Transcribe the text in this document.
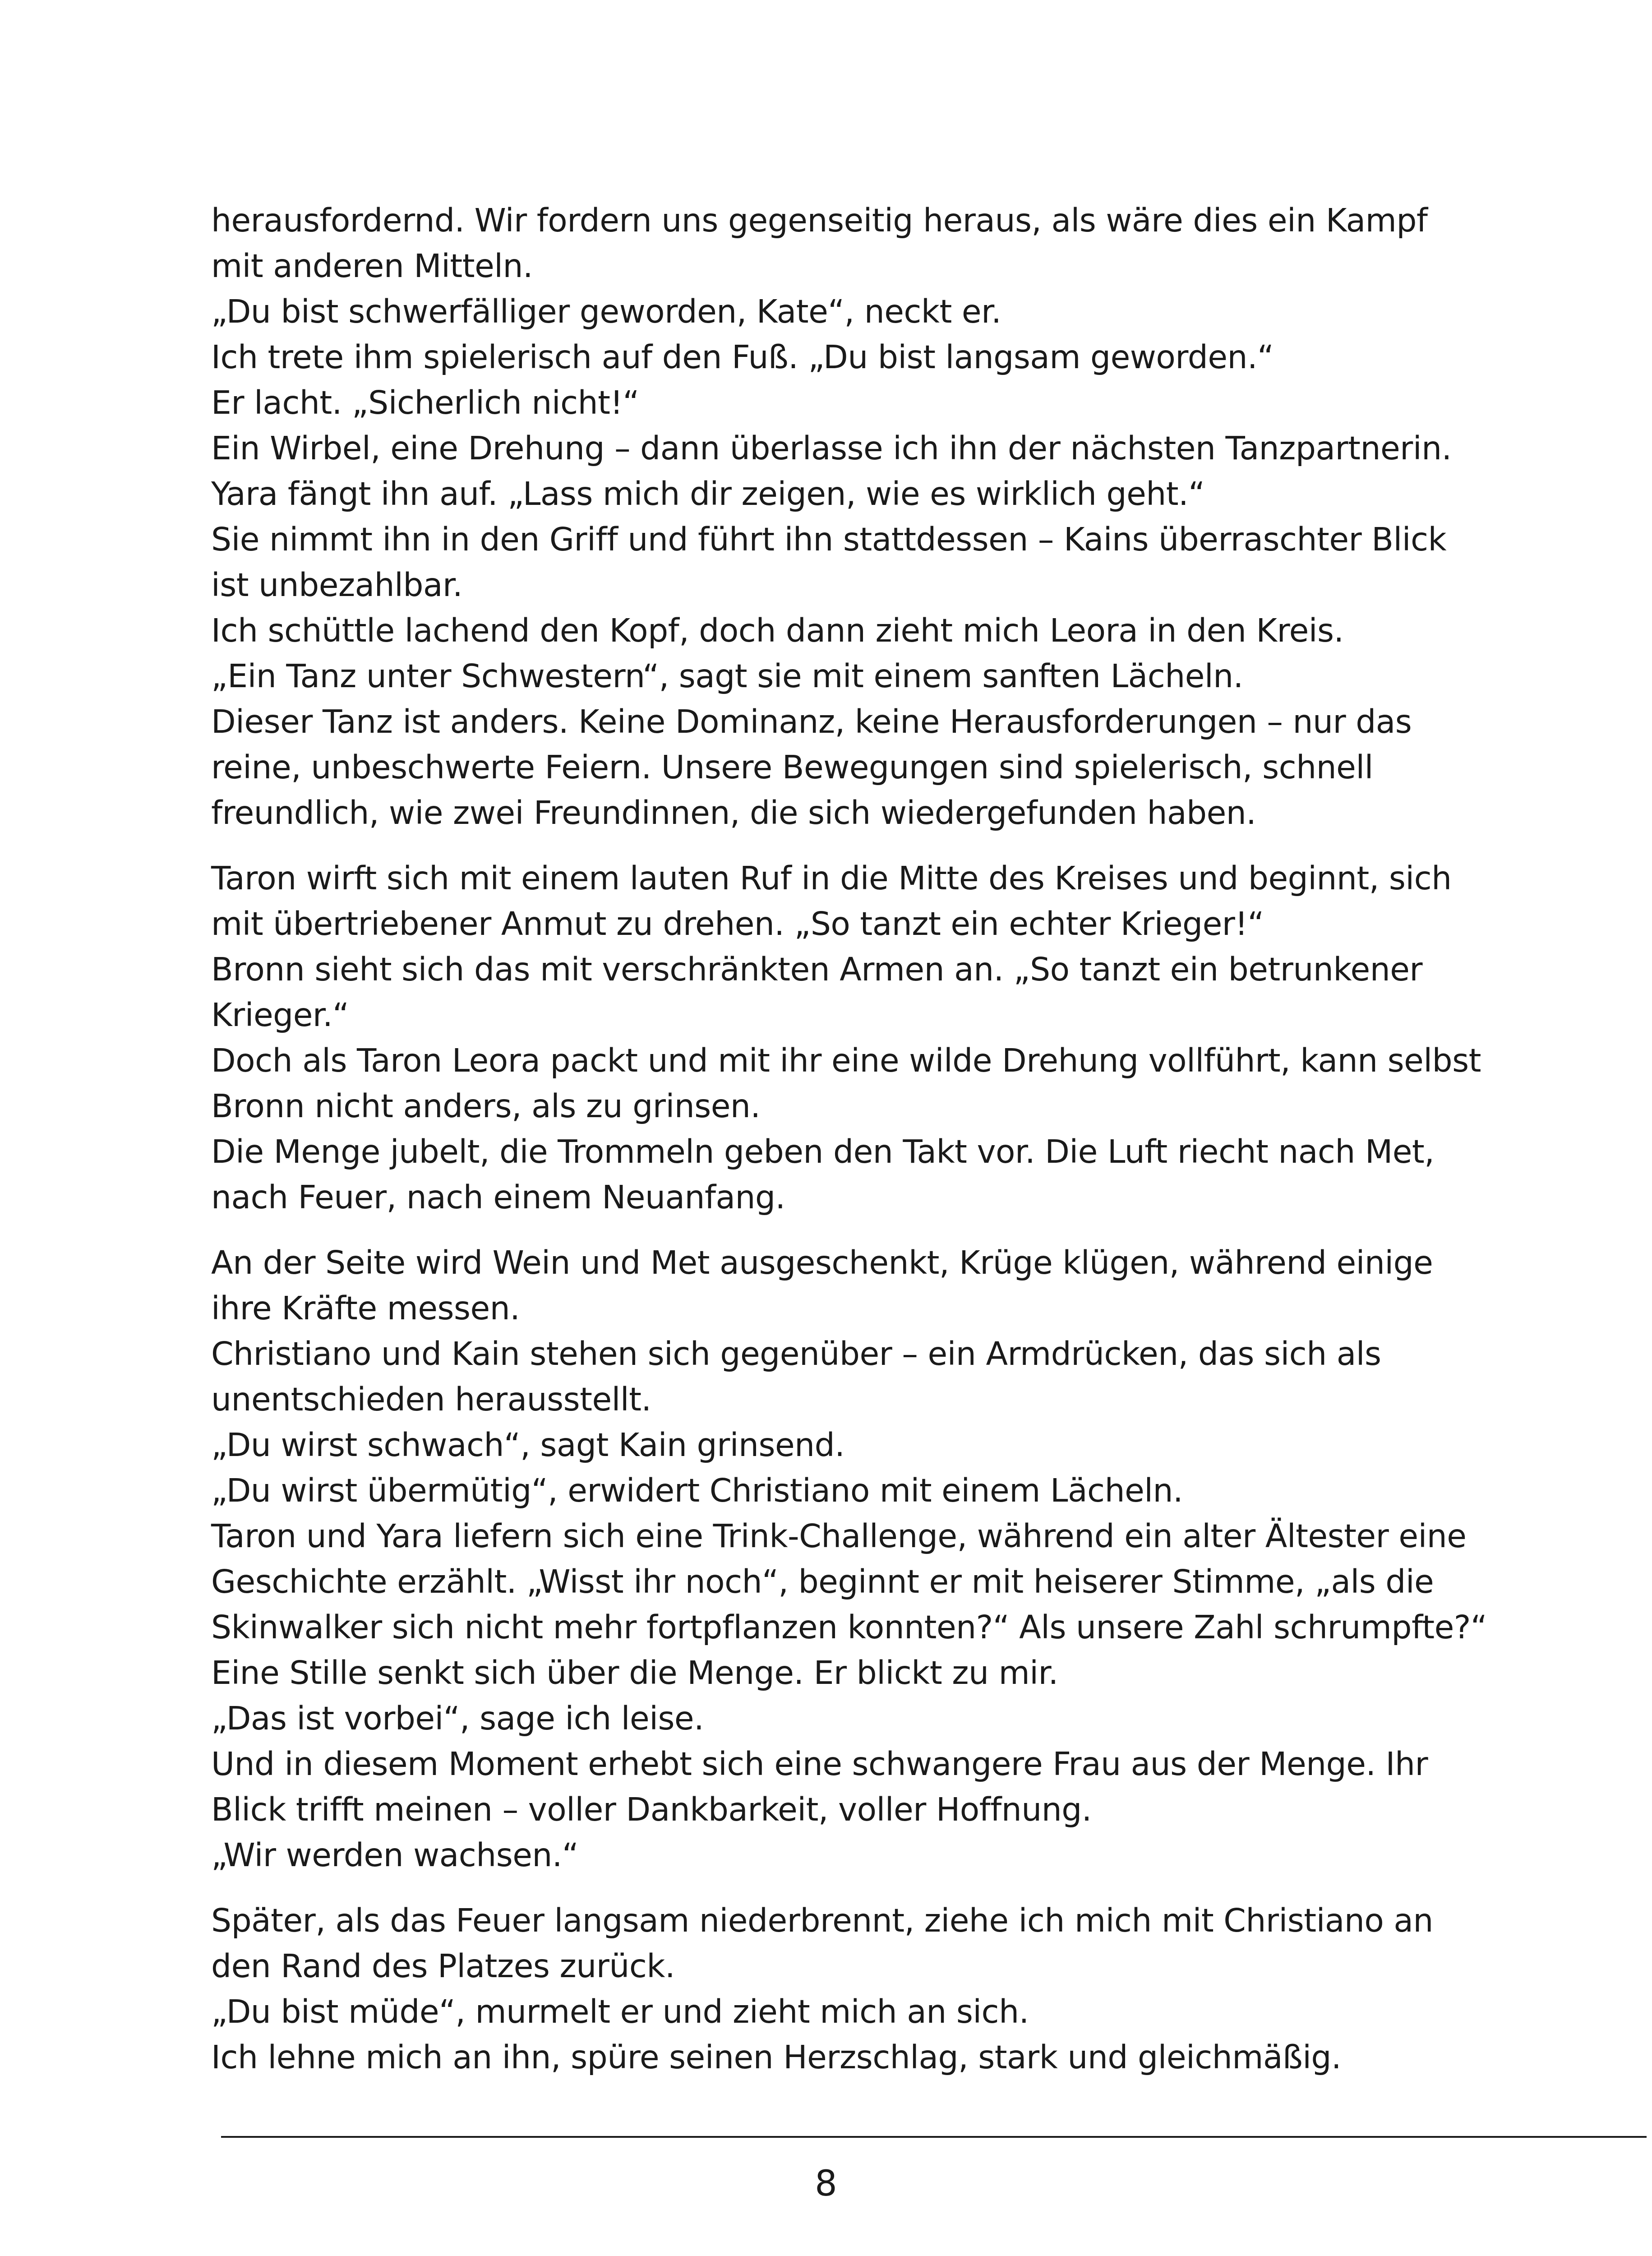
herausfordernd. Wir fordern uns gegenseitig heraus, als wäre dies ein Kampf
mit anderen Mitteln.
„Du bist schwerfälliger geworden, Kate“, neckt er.
Ich trete ihm spielerisch auf den Fuß. „Du bist langsam geworden.“
Er lacht. „Sicherlich nicht!“
Ein Wirbel, eine Drehung – dann überlasse ich ihn der nächsten Tanzpartnerin.
Yara fängt ihn auf. „Lass mich dir zeigen, wie es wirklich geht.“
Sie nimmt ihn in den Griff und führt ihn stattdessen – Kains überraschter Blick
ist unbezahlbar.
Ich schüttle lachend den Kopf, doch dann zieht mich Leora in den Kreis.
„Ein Tanz unter Schwestern“, sagt sie mit einem sanften Lächeln.
Dieser Tanz ist anders. Keine Dominanz, keine Herausforderungen – nur das
reine, unbeschwerte Feiern. Unsere Bewegungen sind spielerisch, schnell
freundlich, wie zwei Freundinnen, die sich wiedergefunden haben.
Taron wirft sich mit einem lauten Ruf in die Mitte des Kreises und beginnt, sich
mit übertriebener Anmut zu drehen. „So tanzt ein echter Krieger!“
Bronn sieht sich das mit verschränkten Armen an. „So tanzt ein betrunkener
Krieger.“
Doch als Taron Leora packt und mit ihr eine wilde Drehung vollführt, kann selbst
Bronn nicht anders, als zu grinsen.
Die Menge jubelt, die Trommeln geben den Takt vor. Die Luft riecht nach Met,
nach Feuer, nach einem Neuanfang.
An der Seite wird Wein und Met ausgeschenkt, Krüge klügen, während einige
ihre Kräfte messen.
Christiano und Kain stehen sich gegenüber – ein Armdrücken, das sich als
unentschieden herausstellt.
„Du wirst schwach“, sagt Kain grinsend.
„Du wirst übermütig“, erwidert Christiano mit einem Lächeln.
Taron und Yara liefern sich eine Trink-Challenge, während ein alter Ältester eine
Geschichte erzählt. „Wisst ihr noch“, beginnt er mit heiserer Stimme, „als die
Skinwalker sich nicht mehr fortpflanzen konnten?“ Als unsere Zahl schrumpfte?“
Eine Stille senkt sich über die Menge. Er blickt zu mir.
„Das ist vorbei“, sage ich leise.
Und in diesem Moment erhebt sich eine schwangere Frau aus der Menge. Ihr
Blick trifft meinen – voller Dankbarkeit, voller Hoffnung.
„Wir werden wachsen.“
Später, als das Feuer langsam niederbrennt, ziehe ich mich mit Christiano an
den Rand des Platzes zurück.
„Du bist müde“, murmelt er und zieht mich an sich.
Ich lehne mich an ihn, spüre seinen Herzschlag, stark und gleichmäßig.
8
